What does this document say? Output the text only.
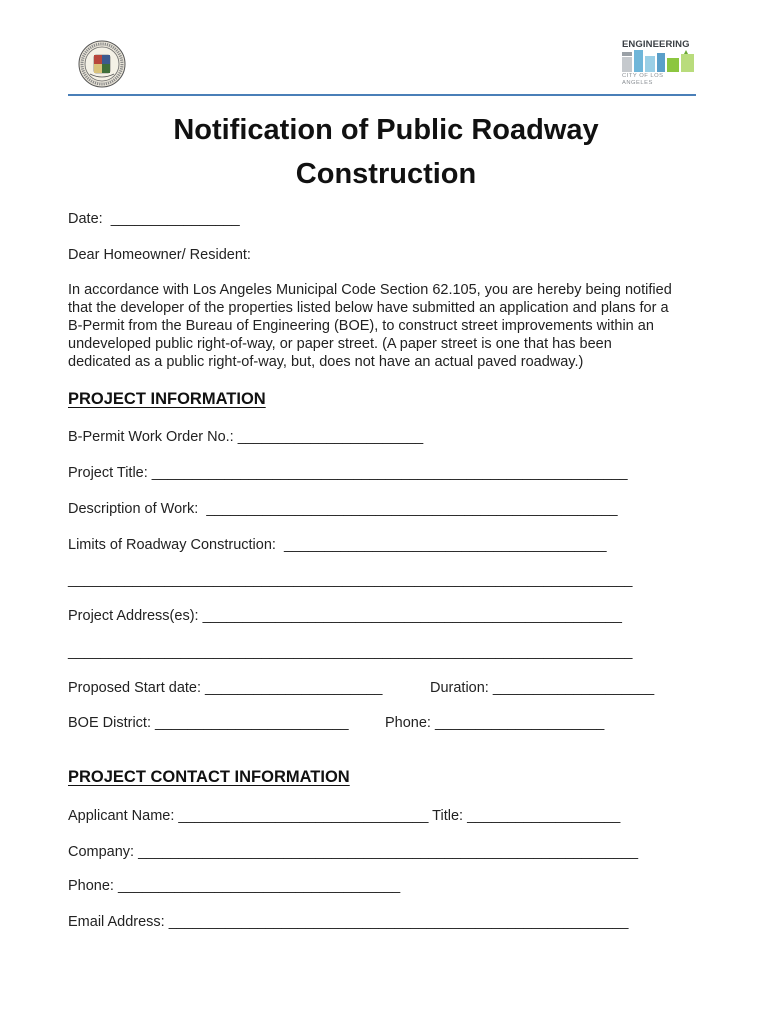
ENGINEERING
CITY OF LOS ANGELES
Notification of Public Roadway
Construction
Date:  ________________
Dear Homeowner/ Resident:
In accordance with Los Angeles Municipal Code Section 62.105, you are hereby being notified
that the developer of the properties listed below have submitted an application and plans for a
B-Permit from the Bureau of Engineering (BOE), to construct street improvements within an
undeveloped public right-of-way, or paper street. (A paper street is one that has been
dedicated as a public right-of-way, but, does not have an actual paved roadway.)
PROJECT INFORMATION
B-Permit Work Order No.: _______________________
Project Title: ___________________________________________________________
Description of Work:  ___________________________________________________
Limits of Roadway Construction:  ________________________________________
______________________________________________________________________
Project Address(es): ____________________________________________________
______________________________________________________________________
Proposed Start date: ______________________	Duration: ____________________
BOE District: ________________________	Phone: _____________________
PROJECT CONTACT INFORMATION
Applicant Name: _______________________________ Title: ___________________
Company: ______________________________________________________________
Phone: ___________________________________
Email Address: _________________________________________________________
